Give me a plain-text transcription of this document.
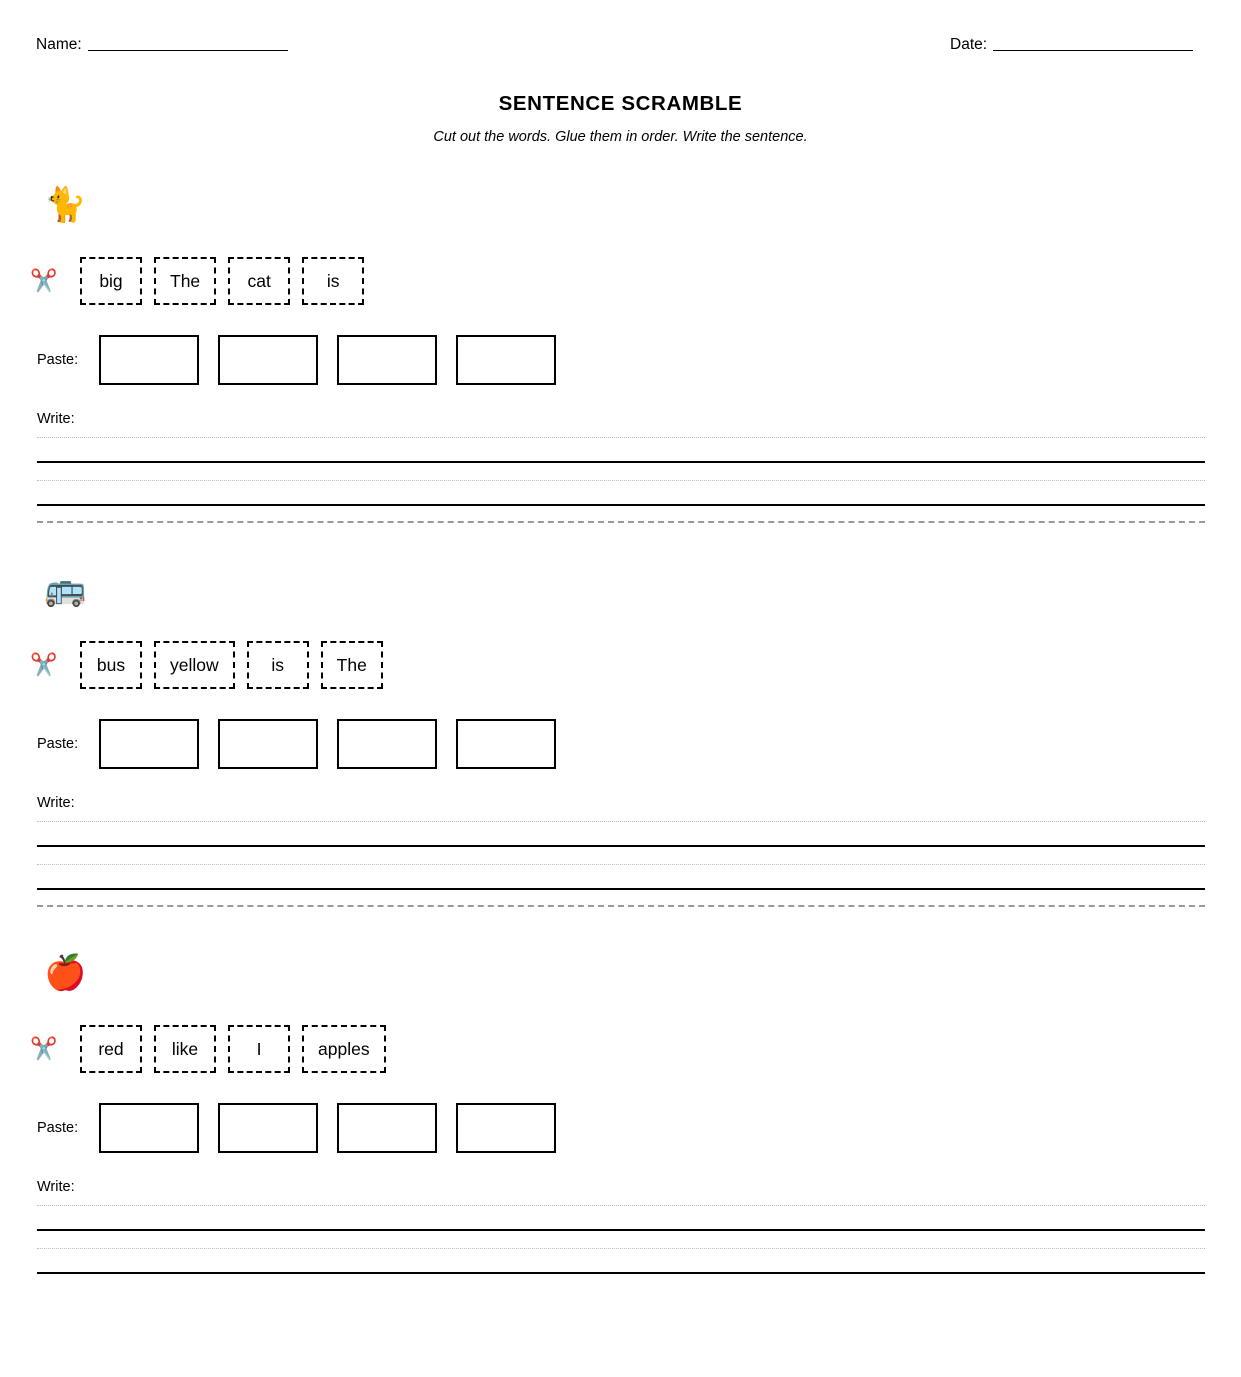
Name:	Date:
SENTENCE SCRAMBLE
Cut out the words. Glue them in order. Write the sentence.
🐈
✂️	big	The	cat	is
Paste:
Write:
🚌
✂️	bus	yellow	is	The
Paste:
Write:
🍎
✂️	red	like	I	apples
Paste:
Write:
